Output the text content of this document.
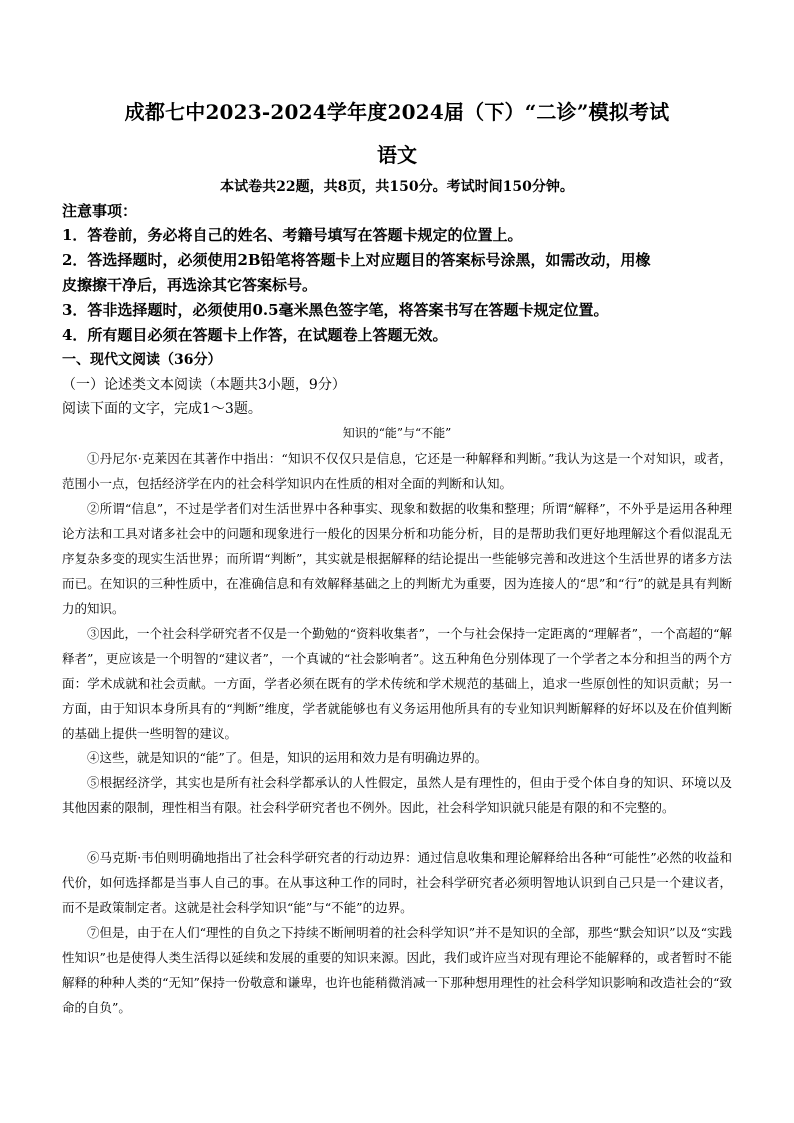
成都七中2023-2024学年度2024届（下）“二诊”模拟考试
语文
本试卷共22题，共8页，共150分。考试时间150分钟。
注意事项：
1．答卷前，务必将自己的姓名、考籍号填写在答题卡规定的位置上。
2．答选择题时，必须使用2B铅笔将答题卡上对应题目的答案标号涂黑，如需改动，用橡
皮擦擦干净后，再选涂其它答案标号。
3．答非选择题时，必须使用0.5毫米黑色签字笔，将答案书写在答题卡规定位置。
4．所有题目必须在答题卡上作答，在试题卷上答题无效。
一、现代文阅读（36分）
（一）论述类文本阅读（本题共3小题，9分）
阅读下面的文字，完成1～3题。
知识的“能”与“不能”

①丹尼尔·克莱因在其著作中指出：“知识不仅仅只是信息，它还是一种解释和判断。”我认为这是一个对知识，或者，范围小一点，包括经济学在内的社会科学知识内在性质的相对全面的判断和认知。

②所谓“信息”，不过是学者们对生活世界中各种事实、现象和数据的收集和整理；所谓“解释”，不外乎是运用各种理论方法和工具对诸多社会中的问题和现象进行一般化的因果分析和功能分析，目的是帮助我们更好地理解这个看似混乱无序复杂多变的现实生活世界；而所谓“判断”，其实就是根据解释的结论提出一些能够完善和改进这个生活世界的诸多方法而已。在知识的三种性质中，在准确信息和有效解释基础之上的判断尤为重要，因为连接人的“思”和“行”的就是具有判断力的知识。

③因此，一个社会科学研究者不仅是一个勤勉的“资料收集者”，一个与社会保持一定距离的“理解者”，一个高超的“解释者”，更应该是一个明智的“建议者”，一个真诚的“社会影响者”。这五种角色分别体现了一个学者之本分和担当的两个方面：学术成就和社会贡献。一方面，学者必须在既有的学术传统和学术规范的基础上，追求一些原创性的知识贡献；另一方面，由于知识本身所具有的“判断”维度，学者就能够也有义务运用他所具有的专业知识判断解释的好坏以及在价值判断的基础上提供一些明智的建议。

④这些，就是知识的“能”了。但是，知识的运用和效力是有明确边界的。

⑤根据经济学，其实也是所有社会科学都承认的人性假定，虽然人是有理性的，但由于受个体自身的知识、环境以及其他因素的限制，理性相当有限。社会科学研究者也不例外。因此，社会科学知识就只能是有限的和不完整的。

⑥马克斯·韦伯则明确地指出了社会科学研究者的行动边界：通过信息收集和理论解释给出各种“可能性”必然的收益和代价，如何选择都是当事人自己的事。在从事这种工作的同时，社会科学研究者必须明智地认识到自己只是一个建议者，而不是政策制定者。这就是社会科学知识“能”与“不能”的边界。

⑦但是，由于在人们“理性的自负之下持续不断闸明着的社会科学知识”并不是知识的全部，那些“默会知识”以及“实践性知识”也是使得人类生活得以延续和发展的重要的知识来源。因此，我们或许应当对现有理论不能解释的，或者暂时不能解释的种种人类的“无知”保持一份敬意和谦卑，也许也能稍微消减一下那种想用理性的社会科学知识影响和改造社会的“致命的自负”。
